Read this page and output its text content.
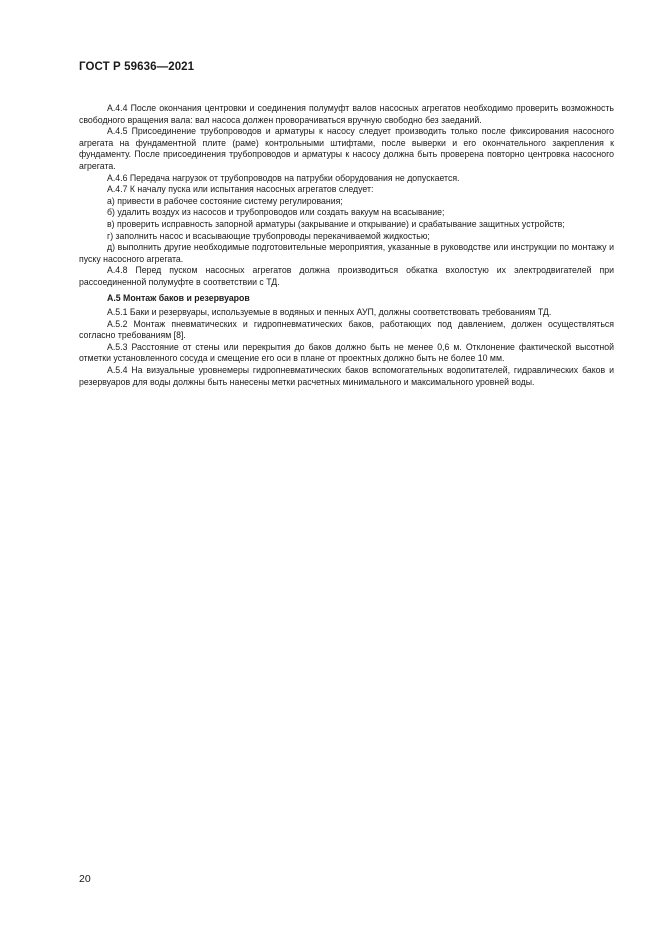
ГОСТ Р 59636—2021

А.4.4 После окончания центровки и соединения полумуфт валов насосных агрегатов необходимо проверить возможность свободного вращения вала: вал насоса должен проворачиваться вручную свободно без заеданий.

А.4.5 Присоединение трубопроводов и арматуры к насосу следует производить только после фиксирования насосного агрегата на фундаментной плите (раме) контрольными штифтами, после выверки и его окончательного закрепления к фундаменту. После присоединения трубопроводов и арматуры к насосу должна быть проверена повторно центровка насосного агрегата.

А.4.6 Передача нагрузок от трубопроводов на патрубки оборудования не допускается.

А.4.7 К началу пуска или испытания насосных агрегатов следует:

а) привести в рабочее состояние систему регулирования;

б) удалить воздух из насосов и трубопроводов или создать вакуум на всасывание;

в) проверить исправность запорной арматуры (закрывание и открывание) и срабатывание защитных устройств;

г) заполнить насос и всасывающие трубопроводы перекачиваемой жидкостью;

д) выполнить другие необходимые подготовительные мероприятия, указанные в руководстве или инструкции по монтажу и пуску насосного агрегата.

А.4.8 Перед пуском насосных агрегатов должна производиться обкатка вхолостую их электродвигателей при рассоединенной полумуфте в соответствии с ТД.

А.5 Монтаж баков и резервуаров

А.5.1 Баки и резервуары, используемые в водяных и пенных АУП, должны соответствовать требованиям ТД.

А.5.2 Монтаж пневматических и гидропневматических баков, работающих под давлением, должен осуществляться согласно требованиям [8].

А.5.3 Расстояние от стены или перекрытия до баков должно быть не менее 0,6 м. Отклонение фактической высотной отметки установленного сосуда и смещение его оси в плане от проектных должно быть не более 10 мм.

А.5.4 На визуальные уровнемеры гидропневматических баков вспомогательных водопитателей, гидравлических баков и резервуаров для воды должны быть нанесены метки расчетных минимального и максимального уровней воды.

20
